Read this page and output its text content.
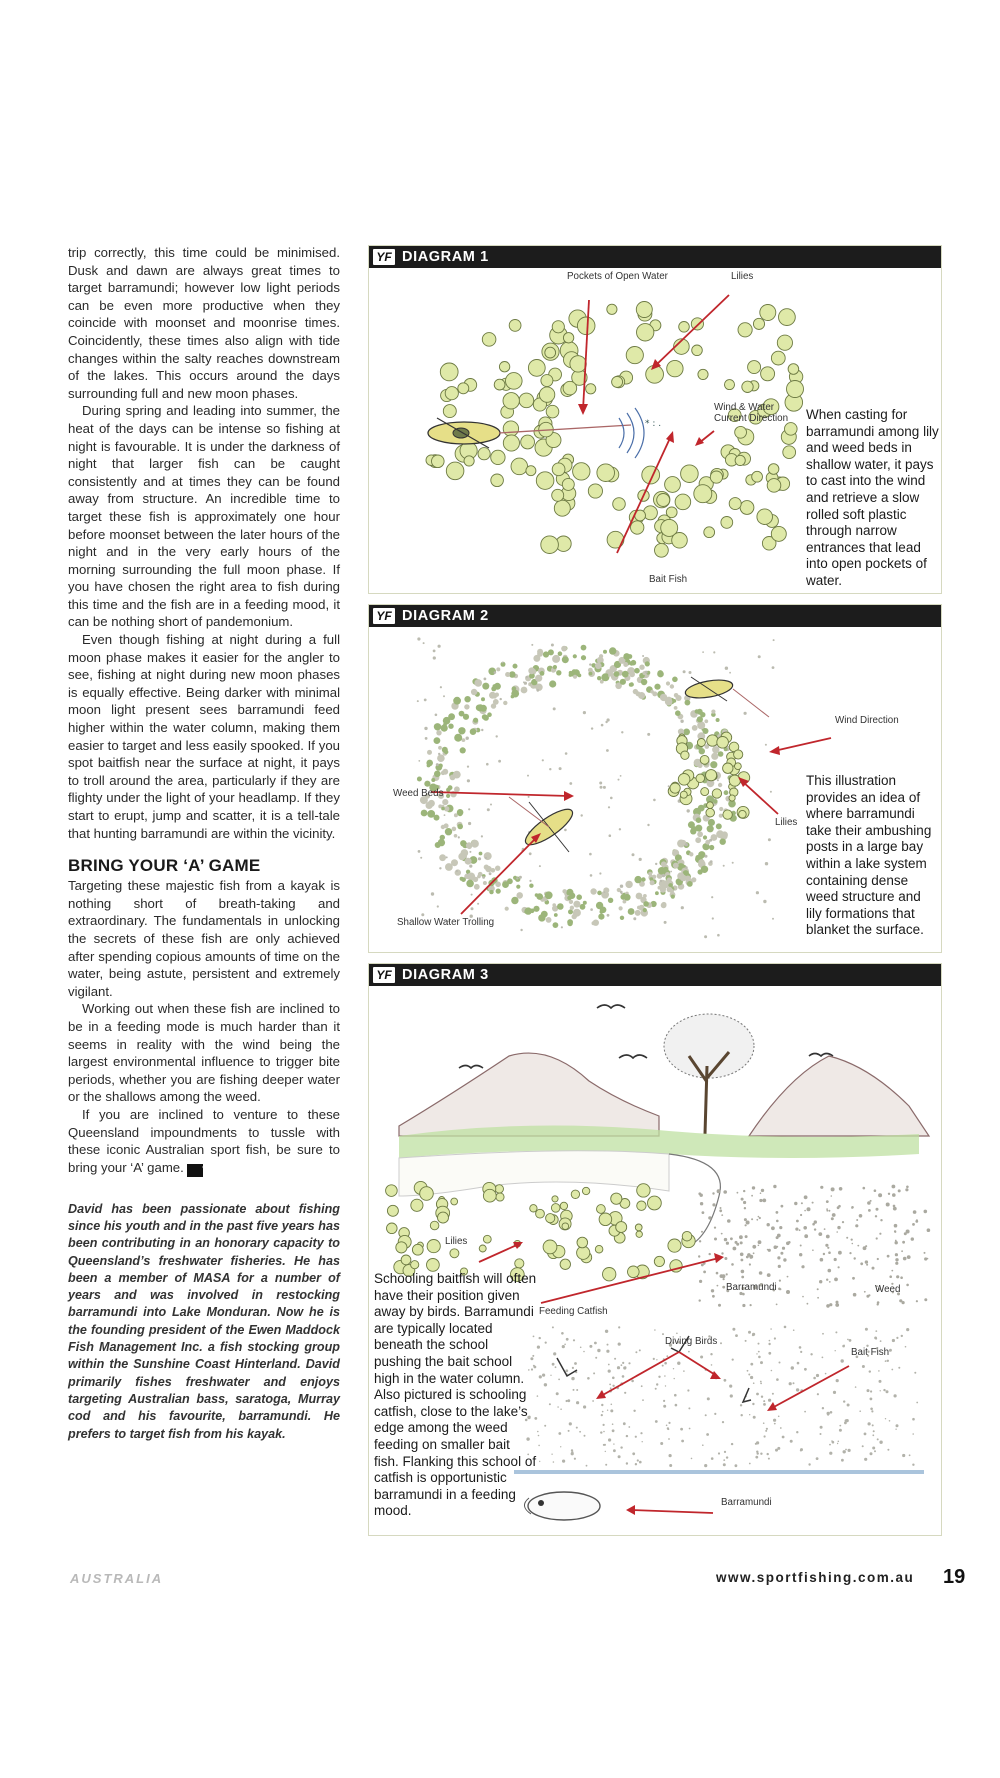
trip correctly, this time could be minimised. Dusk and dawn are always great times to target barramundi; however low light periods can be even more productive when they coincide with moonset and moonrise times. Coincidently, these times also align with tide changes within the salty reaches downstream of the lakes. This occurs around the days surrounding full and new moon phases.

During spring and leading into summer, the heat of the days can be intense so fishing at night is favourable. It is under the darkness of night that larger fish can be caught consistently and at times they can be found away from structure. An incredible time to target these fish is approximately one hour before moonset between the later hours of the night and in the very early hours of the morning surrounding the full moon phase. If you have chosen the right area to fish during this time and the fish are in a feeding mood, it can be nothing short of pandemonium.

Even though fishing at night during a full moon phase makes it easier for the angler to see, fishing at night during new moon phases is equally effective. Being darker with minimal moon light present sees barramundi feed higher within the water column, making them easier to target and less easily spooked. If you spot baitfish near the surface at night, it pays to troll around the area, particularly if they are flighty under the light of your headlamp. If they start to erupt, jump and scatter, it is a tell-tale that hunting barramundi are within the vicinity.

BRING YOUR ‘A’ GAME

Targeting these majestic fish from a kayak is nothing short of breath-taking and extraordinary. The fundamentals in unlocking the secrets of these fish are only achieved after spending copious amounts of time on the water, being astute, persistent and extremely vigilant.

Working out when these fish are inclined to be in a feeding mode is much harder than it seems in reality with the wind being the largest environmental influence to trigger bite periods, whether you are fishing deeper water or the shallows among the weed.

If you are inclined to venture to these Queensland impoundments to tussle with these iconic Australian sport fish, be sure to bring your ‘A’ game. YF

David has been passionate about fishing since his youth and in the past five years has been contributing in an honorary capacity to Queensland’s freshwater fisheries. He has been a member of MASA for a number of years and was involved in restocking barramundi into Lake Monduran. Now he is the founding president of the Ewen Maddock Fish Management Inc. a fish stocking group within the Sunshine Coast Hinterland. David primarily fishes freshwater and enjoys targeting Australian bass, saratoga, Murray cod and his favourite, barramundi. He prefers to target fish from his kayak.

YF DIAGRAM 1
* : .
Pockets of Open Water	Lilies
Wind & Water
Current Direction
Bait Fish
When casting for barramundi among lily and weed beds in shallow water, it pays to cast into the wind and retrieve a slow rolled soft plastic through narrow entrances that lead into open pockets of water.
YF DIAGRAM 2
Wind Direction
Weed Beds
Lilies
Shallow Water Trolling
This illustration provides an idea of where barramundi take their ambushing posts in a large bay within a lake system containing dense weed structure and lily formations that blanket the surface.
YF DIAGRAM 3
Lilies
Barramundi	Weed
Feeding Catfish
Diving Birds
Bait Fish
Barramundi
Schooling baitfish will often have their position given away by birds. Barramundi are typically located beneath the school pushing the bait school high in the water column. Also pictured is schooling catfish, close to the lake’s edge among the weed feeding on smaller bait fish. Flanking this school of catfish is opportunistic barramundi in a feeding mood.
AUSTRALIA	www.sportfishing.com.au 19
